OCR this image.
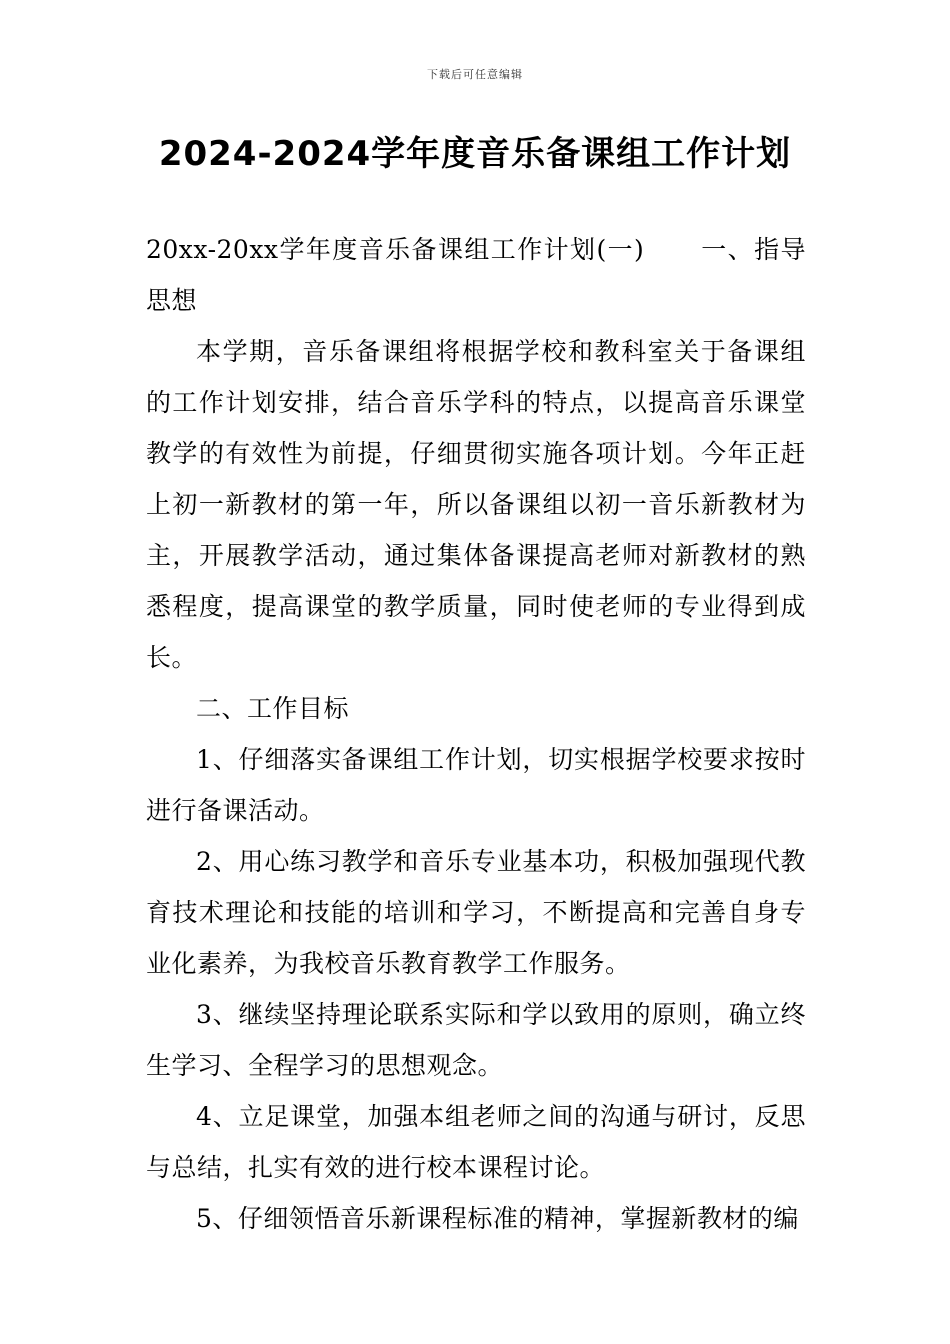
下载后可任意编辑
2024-2024学年度音乐备课组工作计划

20xx-20xx学年度音乐备课组工作计划(一) 一、指导思想

本学期，音乐备课组将根据学校和教科室关于备课组的工作计划安排，结合音乐学科的特点，以提高音乐课堂教学的有效性为前提，仔细贯彻实施各项计划。今年正赶上初一新教材的第一年，所以备课组以初一音乐新教材为主，开展教学活动，通过集体备课提高老师对新教材的熟悉程度，提高课堂的教学质量，同时使老师的专业得到成长。

二、工作目标

1、仔细落实备课组工作计划，切实根据学校要求按时进行备课活动。

2、用心练习教学和音乐专业基本功，积极加强现代教育技术理论和技能的培训和学习，不断提高和完善自身专业化素养，为我校音乐教育教学工作服务。

3、继续坚持理论联系实际和学以致用的原则，确立终生学习、全程学习的思想观念。

4、立足课堂，加强本组老师之间的沟通与研讨，反思与总结，扎实有效的进行校本课程讨论。

5、仔细领悟音乐新课程标准的精神，掌握新教材的编
